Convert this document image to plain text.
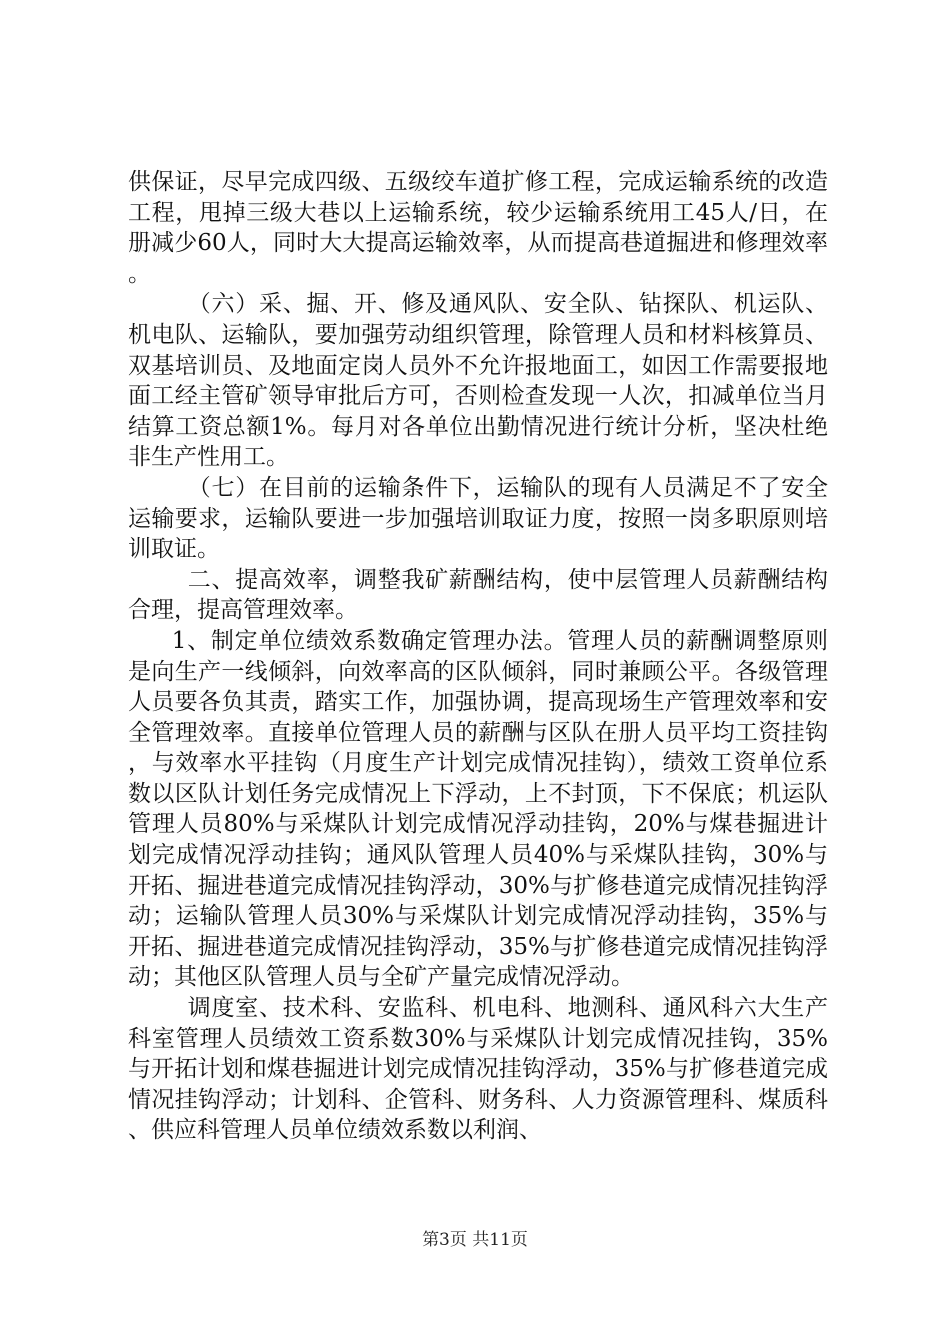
供保证，尽早完成四级、五级绞车道扩修工程，完成运输系统的改造工程，甩掉三级大巷以上运输系统，较少运输系统用工45人/日，在册减少60人，同时大大提高运输效率，从而提高巷道掘进和修理效率。

（六）采、掘、开、修及通风队、安全队、钻探队、机运队、机电队、运输队，要加强劳动组织管理，除管理人员和材料核算员、双基培训员、及地面定岗人员外不允许报地面工，如因工作需要报地面工经主管矿领导审批后方可，否则检查发现一人次，扣减单位当月结算工资总额1%。每月对各单位出勤情况进行统计分析，坚决杜绝非生产性用工。

（七）在目前的运输条件下，运输队的现有人员满足不了安全运输要求，运输队要进一步加强培训取证力度，按照一岗多职原则培训取证。

二、提高效率，调整我矿薪酬结构，使中层管理人员薪酬结构合理，提高管理效率。

1、制定单位绩效系数确定管理办法。管理人员的薪酬调整原则是向生产一线倾斜，向效率高的区队倾斜，同时兼顾公平。各级管理人员要各负其责，踏实工作，加强协调，提高现场生产管理效率和安全管理效率。直接单位管理人员的薪酬与区队在册人员平均工资挂钩，与效率水平挂钩（月度生产计划完成情况挂钩），绩效工资单位系数以区队计划任务完成情况上下浮动，上不封顶，下不保底；机运队管理人员80%与采煤队计划完成情况浮动挂钩，20%与煤巷掘进计划完成情况浮动挂钩；通风队管理人员40%与采煤队挂钩，30%与开拓、掘进巷道完成情况挂钩浮动，30%与扩修巷道完成情况挂钩浮动；运输队管理人员30%与采煤队计划完成情况浮动挂钩，35%与开拓、掘进巷道完成情况挂钩浮动，35%与扩修巷道完成情况挂钩浮动；其他区队管理人员与全矿产量完成情况浮动。

调度室、技术科、安监科、机电科、地测科、通风科六大生产科室管理人员绩效工资系数30%与采煤队计划完成情况挂钩，35%与开拓计划和煤巷掘进计划完成情况挂钩浮动，35%与扩修巷道完成情况挂钩浮动；计划科、企管科、财务科、人力资源管理科、煤质科、供应科管理人员单位绩效系数以利润、

第3页 共11页
